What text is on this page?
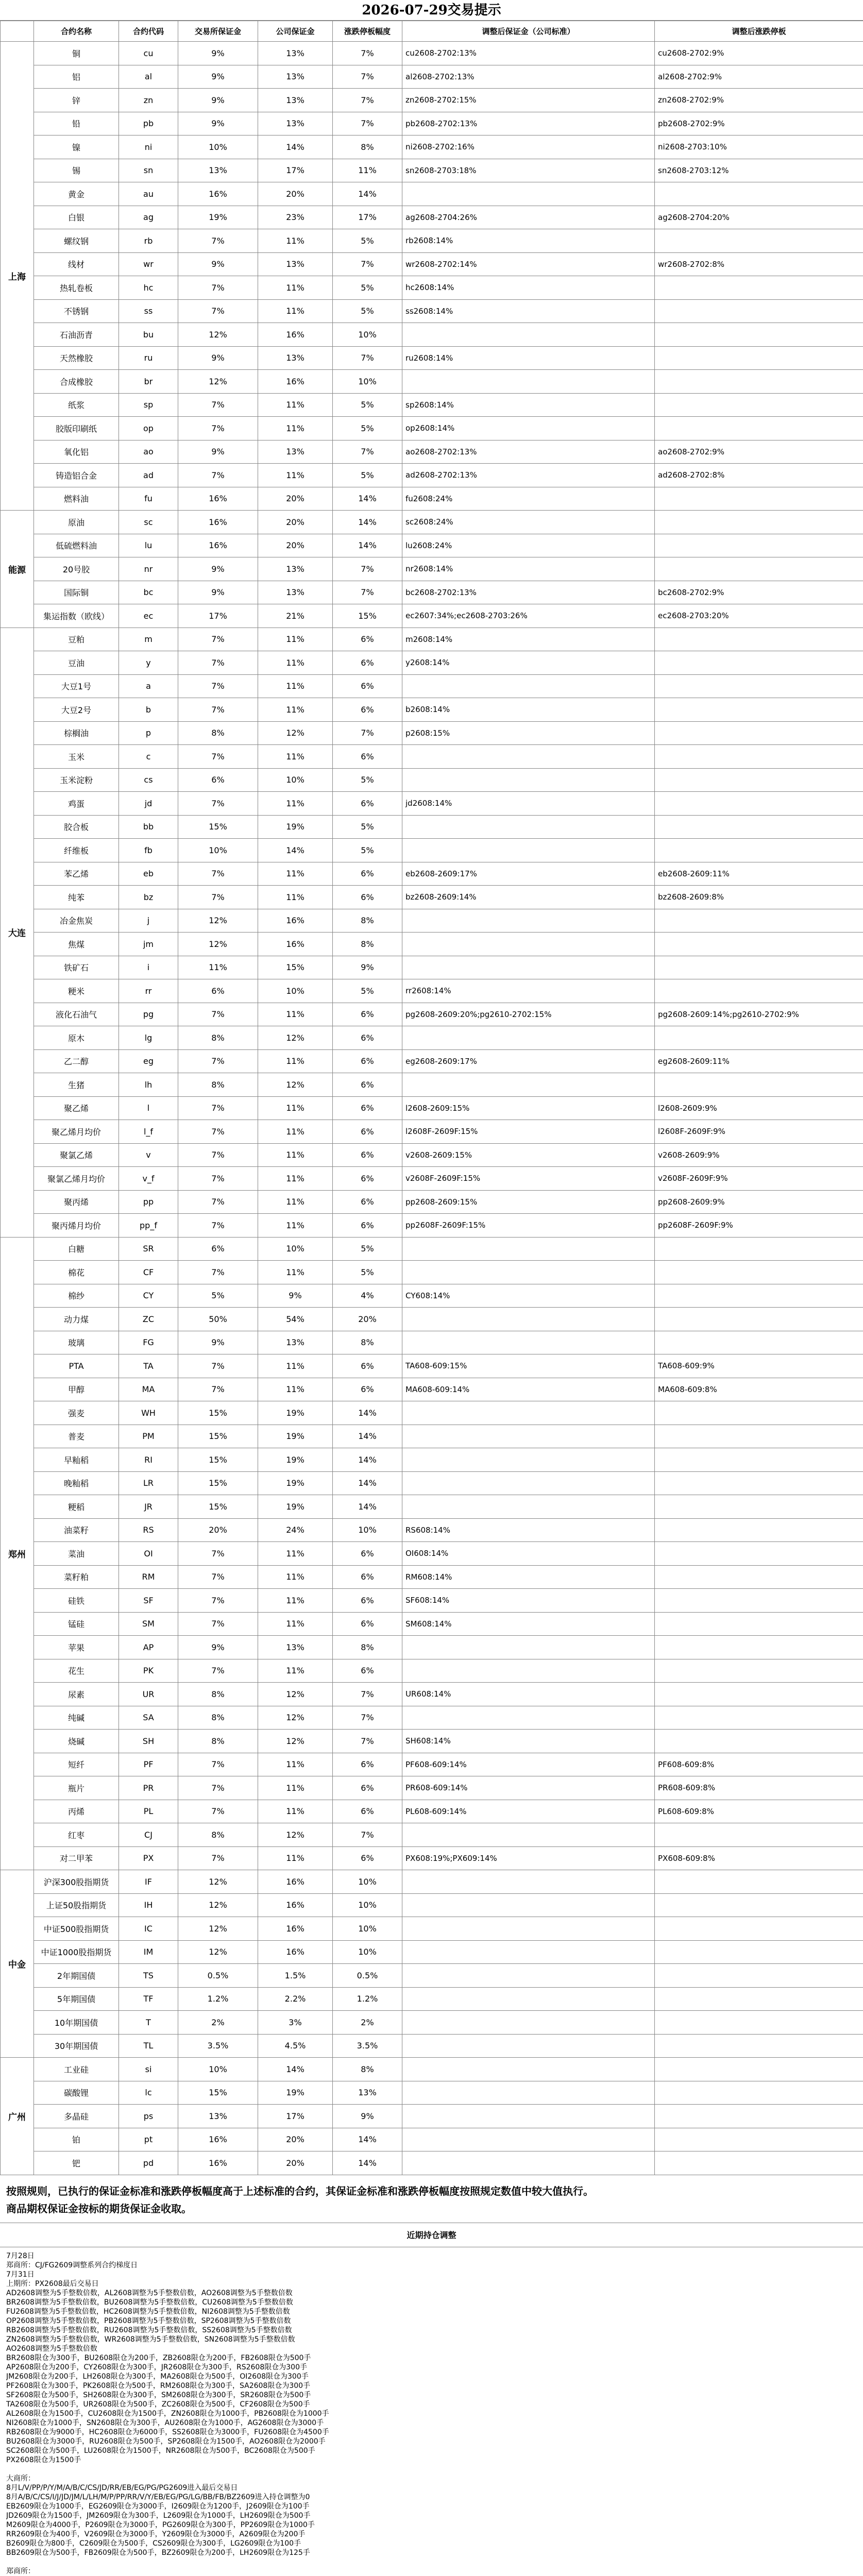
2026-07-29交易提示
	合约名称	合约代码	交易所保证金	公司保证金	涨跌停板幅度	调整后保证金（公司标准）	调整后涨跌停板
上海	铜	cu	9%	13%	7%	cu2608-2702:13%	cu2608-2702:9%
	铝	al	9%	13%	7%	al2608-2702:13%	al2608-2702:9%
	锌	zn	9%	13%	7%	zn2608-2702:15%	zn2608-2702:9%
	铅	pb	9%	13%	7%	pb2608-2702:13%	pb2608-2702:9%
	镍	ni	10%	14%	8%	ni2608-2702:16%	ni2608-2703:10%
	锡	sn	13%	17%	11%	sn2608-2703:18%	sn2608-2703:12%
	黄金	au	16%	20%	14%		
	白银	ag	19%	23%	17%	ag2608-2704:26%	ag2608-2704:20%
	螺纹钢	rb	7%	11%	5%	rb2608:14%	
	线材	wr	9%	13%	7%	wr2608-2702:14%	wr2608-2702:8%
	热轧卷板	hc	7%	11%	5%	hc2608:14%	
	不锈钢	ss	7%	11%	5%	ss2608:14%	
	石油沥青	bu	12%	16%	10%		
	天然橡胶	ru	9%	13%	7%	ru2608:14%	
	合成橡胶	br	12%	16%	10%		
	纸浆	sp	7%	11%	5%	sp2608:14%	
	胶版印刷纸	op	7%	11%	5%	op2608:14%	
	氧化铝	ao	9%	13%	7%	ao2608-2702:13%	ao2608-2702:9%
	铸造铝合金	ad	7%	11%	5%	ad2608-2702:13%	ad2608-2702:8%
	燃料油	fu	16%	20%	14%	fu2608:24%	
能源	原油	sc	16%	20%	14%	sc2608:24%	
	低硫燃料油	lu	16%	20%	14%	lu2608:24%	
	20号胶	nr	9%	13%	7%	nr2608:14%	
	国际铜	bc	9%	13%	7%	bc2608-2702:13%	bc2608-2702:9%
	集运指数（欧线）	ec	17%	21%	15%	ec2607:34%;ec2608-2703:26%	ec2608-2703:20%
大连	豆粕	m	7%	11%	6%	m2608:14%	
	豆油	y	7%	11%	6%	y2608:14%	
	大豆1号	a	7%	11%	6%		
	大豆2号	b	7%	11%	6%	b2608:14%	
	棕榈油	p	8%	12%	7%	p2608:15%	
	玉米	c	7%	11%	6%		
	玉米淀粉	cs	6%	10%	5%		
	鸡蛋	jd	7%	11%	6%	jd2608:14%	
	胶合板	bb	15%	19%	5%		
	纤维板	fb	10%	14%	5%		
	苯乙烯	eb	7%	11%	6%	eb2608-2609:17%	eb2608-2609:11%
	纯苯	bz	7%	11%	6%	bz2608-2609:14%	bz2608-2609:8%
	冶金焦炭	j	12%	16%	8%		
	焦煤	jm	12%	16%	8%		
	铁矿石	i	11%	15%	9%		
	粳米	rr	6%	10%	5%	rr2608:14%	
	液化石油气	pg	7%	11%	6%	pg2608-2609:20%;pg2610-2702:15%	pg2608-2609:14%;pg2610-2702:9%
	原木	lg	8%	12%	6%		
	乙二醇	eg	7%	11%	6%	eg2608-2609:17%	eg2608-2609:11%
	生猪	lh	8%	12%	6%		
	聚乙烯	l	7%	11%	6%	l2608-2609:15%	l2608-2609:9%
	聚乙烯月均价	l_f	7%	11%	6%	l2608F-2609F:15%	l2608F-2609F:9%
	聚氯乙烯	v	7%	11%	6%	v2608-2609:15%	v2608-2609:9%
	聚氯乙烯月均价	v_f	7%	11%	6%	v2608F-2609F:15%	v2608F-2609F:9%
	聚丙烯	pp	7%	11%	6%	pp2608-2609:15%	pp2608-2609:9%
	聚丙烯月均价	pp_f	7%	11%	6%	pp2608F-2609F:15%	pp2608F-2609F:9%
郑州	白糖	SR	6%	10%	5%		
	棉花	CF	7%	11%	5%		
	棉纱	CY	5%	9%	4%	CY608:14%	
	动力煤	ZC	50%	54%	20%		
	玻璃	FG	9%	13%	8%		
	PTA	TA	7%	11%	6%	TA608-609:15%	TA608-609:9%
	甲醇	MA	7%	11%	6%	MA608-609:14%	MA608-609:8%
	强麦	WH	15%	19%	14%		
	普麦	PM	15%	19%	14%		
	早籼稻	RI	15%	19%	14%		
	晚籼稻	LR	15%	19%	14%		
	粳稻	JR	15%	19%	14%		
	油菜籽	RS	20%	24%	10%	RS608:14%	
	菜油	OI	7%	11%	6%	OI608:14%	
	菜籽粕	RM	7%	11%	6%	RM608:14%	
	硅铁	SF	7%	11%	6%	SF608:14%	
	锰硅	SM	7%	11%	6%	SM608:14%	
	苹果	AP	9%	13%	8%		
	花生	PK	7%	11%	6%		
	尿素	UR	8%	12%	7%	UR608:14%	
	纯碱	SA	8%	12%	7%		
	烧碱	SH	8%	12%	7%	SH608:14%	
	短纤	PF	7%	11%	6%	PF608-609:14%	PF608-609:8%
	瓶片	PR	7%	11%	6%	PR608-609:14%	PR608-609:8%
	丙烯	PL	7%	11%	6%	PL608-609:14%	PL608-609:8%
	红枣	CJ	8%	12%	7%		
	对二甲苯	PX	7%	11%	6%	PX608:19%;PX609:14%	PX608-609:8%
中金	沪深300股指期货	IF	12%	16%	10%		
	上证50股指期货	IH	12%	16%	10%		
	中证500股指期货	IC	12%	16%	10%		
	中证1000股指期货	IM	12%	16%	10%		
	2年期国债	TS	0.5%	1.5%	0.5%		
	5年期国债	TF	1.2%	2.2%	1.2%		
	10年期国债	T	2%	3%	2%		
	30年期国债	TL	3.5%	4.5%	3.5%		
广州	工业硅	si	10%	14%	8%		
	碳酸锂	lc	15%	19%	13%		
	多晶硅	ps	13%	17%	9%		
	铂	pt	16%	20%	14%		
	钯	pd	16%	20%	14%		
按照规则，已执行的保证金标准和涨跌停板幅度高于上述标准的合约，其保证金标准和涨跌停板幅度按照规定数值中较大值执行。
商品期权保证金按标的期货保证金收取。
近期持仓调整
7月28日
郑商所：CJ/FG2609调整系列合约梯度日
7月31日
上期所：PX2608最后交易日
AD2608调整为5手整数倍数，AL2608调整为5手整数倍数，AO2608调整为5手整数倍数
BR2608调整为5手整数倍数，BU2608调整为5手整数倍数，CU2608调整为5手整数倍数
FU2608调整为5手整数倍数，HC2608调整为5手整数倍数，NI2608调整为5手整数倍数
OP2608调整为5手整数倍数，PB2608调整为5手整数倍数，SP2608调整为5手整数倍数
RB2608调整为5手整数倍数，RU2608调整为5手整数倍数，SS2608调整为5手整数倍数
ZN2608调整为5手整数倍数，WR2608调整为5手整数倍数，SN2608调整为5手整数倍数
AO2608调整为5手整数倍数
BR2608限仓为300手，BU2608限仓为200手，ZB2608限仓为200手，FB2608限仓为500手
AP2608限仓为200手，CY2608限仓为300手，JR2608限仓为300手，RS2608限仓为300手
JM2608限仓为200手，LH2608限仓为300手，MA2608限仓为500手，OI2608限仓为300手
PF2608限仓为300手，PK2608限仓为500手，RM2608限仓为300手，SA2608限仓为300手
SF2608限仓为500手，SH2608限仓为300手，SM2608限仓为300手，SR2608限仓为500手
TA2608限仓为500手，UR2608限仓为500手，ZC2608限仓为500手，CF2608限仓为500手
AL2608限仓为1500手，CU2608限仓为1500手，ZN2608限仓为1000手，PB2608限仓为1000手
NI2608限仓为1000手，SN2608限仓为300手，AU2608限仓为1000手，AG2608限仓为3000手
RB2608限仓为9000手，HC2608限仓为6000手，SS2608限仓为3000手，FU2608限仓为4500手
BU2608限仓为3000手，RU2608限仓为500手，SP2608限仓为1500手，AO2608限仓为2000手
SC2608限仓为500手，LU2608限仓为1500手，NR2608限仓为500手，BC2608限仓为500手
PX2608限仓为1500手
大商所：
8月L/V/PP/P/Y/M/A/B/C/CS/JD/RR/EB/EG/PG/PG2609进入最后交易日
8月A/B/C/CS/I/J/JD/JM/L/LH/M/P/PP/RR/V/Y/EB/EG/PG/LG/BB/FB/BZ2609进入持仓调整为0
EB2609限仓为1000手，EG2609限仓为3000手，I2609限仓为1200手，J2609限仓为100手
JD2609限仓为1500手，JM2609限仓为300手，L2609限仓为1000手，LH2609限仓为500手
M2609限仓为4000手，P2609限仓为3000手，PG2609限仓为300手，PP2609限仓为1000手
RR2609限仓为400手，V2609限仓为3000手，Y2609限仓为3000手，A2609限仓为200手
B2609限仓为800手，C2609限仓为500手，CS2609限仓为300手，LG2609限仓为100手
BB2609限仓为500手，FB2609限仓为500手，BZ2609限仓为200手，LH2609限仓为125手
郑商所：
